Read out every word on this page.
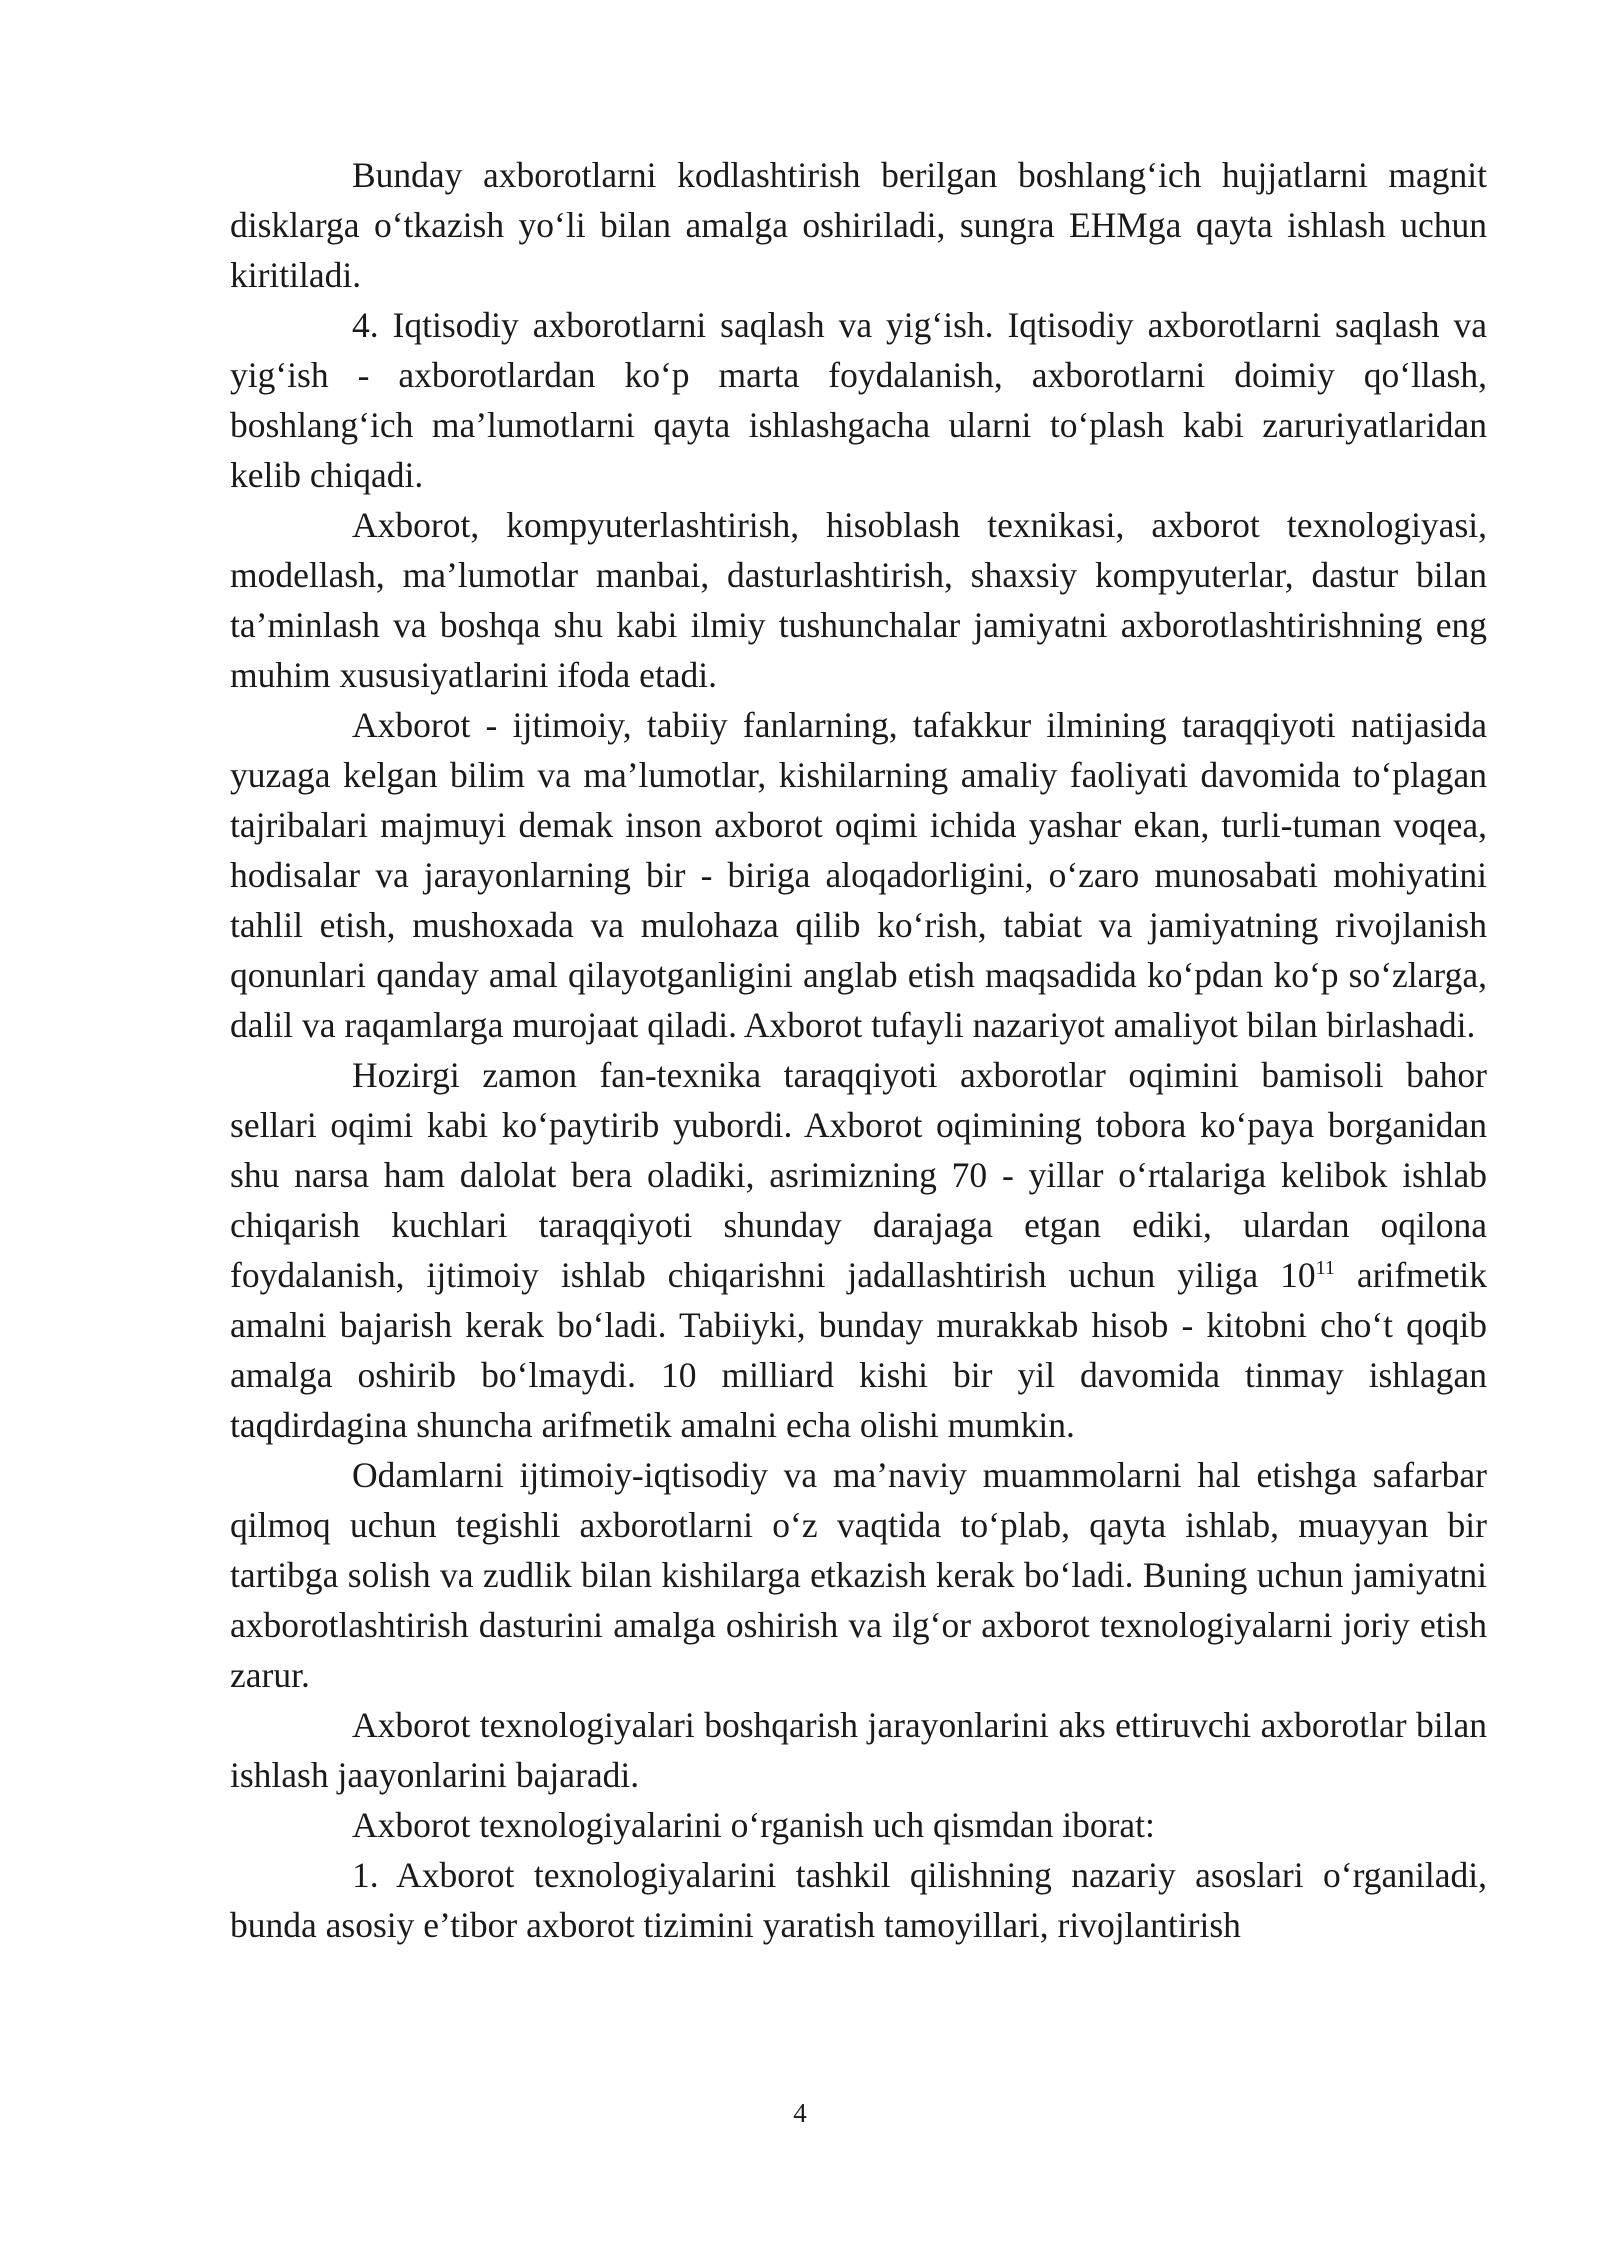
Bunday axborotlarni kodlashtirish berilgan boshlang‘ich hujjatlarni magnit disklarga o‘tkazish yo‘li bilan amalga oshiriladi, sungra EHMga qayta ishlash uchun kiritiladi.

4. Iqtisodiy axborotlarni saqlash va yig‘ish. Iqtisodiy axborotlarni saqlash va yig‘ish - axborotlardan ko‘p marta foydalanish, axborotlarni doimiy qo‘llash, boshlang‘ich ma’lumotlarni qayta ishlashgacha ularni to‘plash kabi zaruriyatlaridan kelib chiqadi.

Axborot, kompyuterlashtirish, hisoblash texnikasi, axborot texnologiyasi, modellash, ma’lumotlar manbai, dasturlashtirish, shaxsiy kompyuterlar, dastur bilan ta’minlash va boshqa shu kabi ilmiy tushunchalar jamiyatni axborotlashtirishning eng muhim xususiyatlarini ifoda etadi.

Axborot - ijtimoiy, tabiiy fanlarning, tafakkur ilmining taraqqiyoti natijasida yuzaga kelgan bilim va ma’lumotlar, kishilarning amaliy faoliyati davomida to‘plagan tajribalari majmuyi demak inson axborot oqimi ichida yashar ekan, turli-tuman voqea, hodisalar va jarayonlarning bir - biriga aloqadorligini, o‘zaro munosabati mohiyatini tahlil etish, mushoxada va mulohaza qilib ko‘rish, tabiat va jamiyatning rivojlanish qonunlari qanday amal qilayotganligini anglab etish maqsadida ko‘pdan ko‘p so‘zlarga, dalil va raqamlarga murojaat qiladi. Axborot tufayli nazariyot amaliyot bilan birlashadi.

Hozirgi zamon fan-texnika taraqqiyoti axborotlar oqimini bamisoli bahor sellari oqimi kabi ko‘paytirib yubordi. Axborot oqimining tobora ko‘paya borganidan shu narsa ham dalolat bera oladiki, asrimizning 70 - yillar o‘rtalariga kelibok ishlab chiqarish kuchlari taraqqiyoti shunday darajaga etgan ediki, ulardan oqilona foydalanish, ijtimoiy ishlab chiqarishni jadallashtirish uchun yiliga $10^{11}$ arifmetik amalni bajarish kerak bo‘ladi. Tabiiyki, bunday murakkab hisob - kitobni cho‘t qoqib amalga oshirib bo‘lmaydi. 10 milliard kishi bir yil davomida tinmay ishlagan taqdirdagina shuncha arifmetik amalni echa olishi mumkin.

Odamlarni ijtimoiy-iqtisodiy va ma’naviy muammolarni hal etishga safarbar qilmoq uchun tegishli axborotlarni o‘z vaqtida to‘plab, qayta ishlab, muayyan bir tartibga solish va zudlik bilan kishilarga etkazish kerak bo‘ladi. Buning uchun jamiyatni axborotlashtirish dasturini amalga oshirish va ilg‘or axborot texnologiyalarni joriy etish zarur.

Axborot texnologiyalari boshqarish jarayonlarini aks ettiruvchi axborotlar bilan ishlash jaayonlarini bajaradi.

Axborot texnologiyalarini o‘rganish uch qismdan iborat:

1. Axborot texnologiyalarini tashkil qilishning nazariy asoslari o‘rganiladi, bunda asosiy e’tibor axborot tizimini yaratish tamoyillari, rivojlantirish

4
